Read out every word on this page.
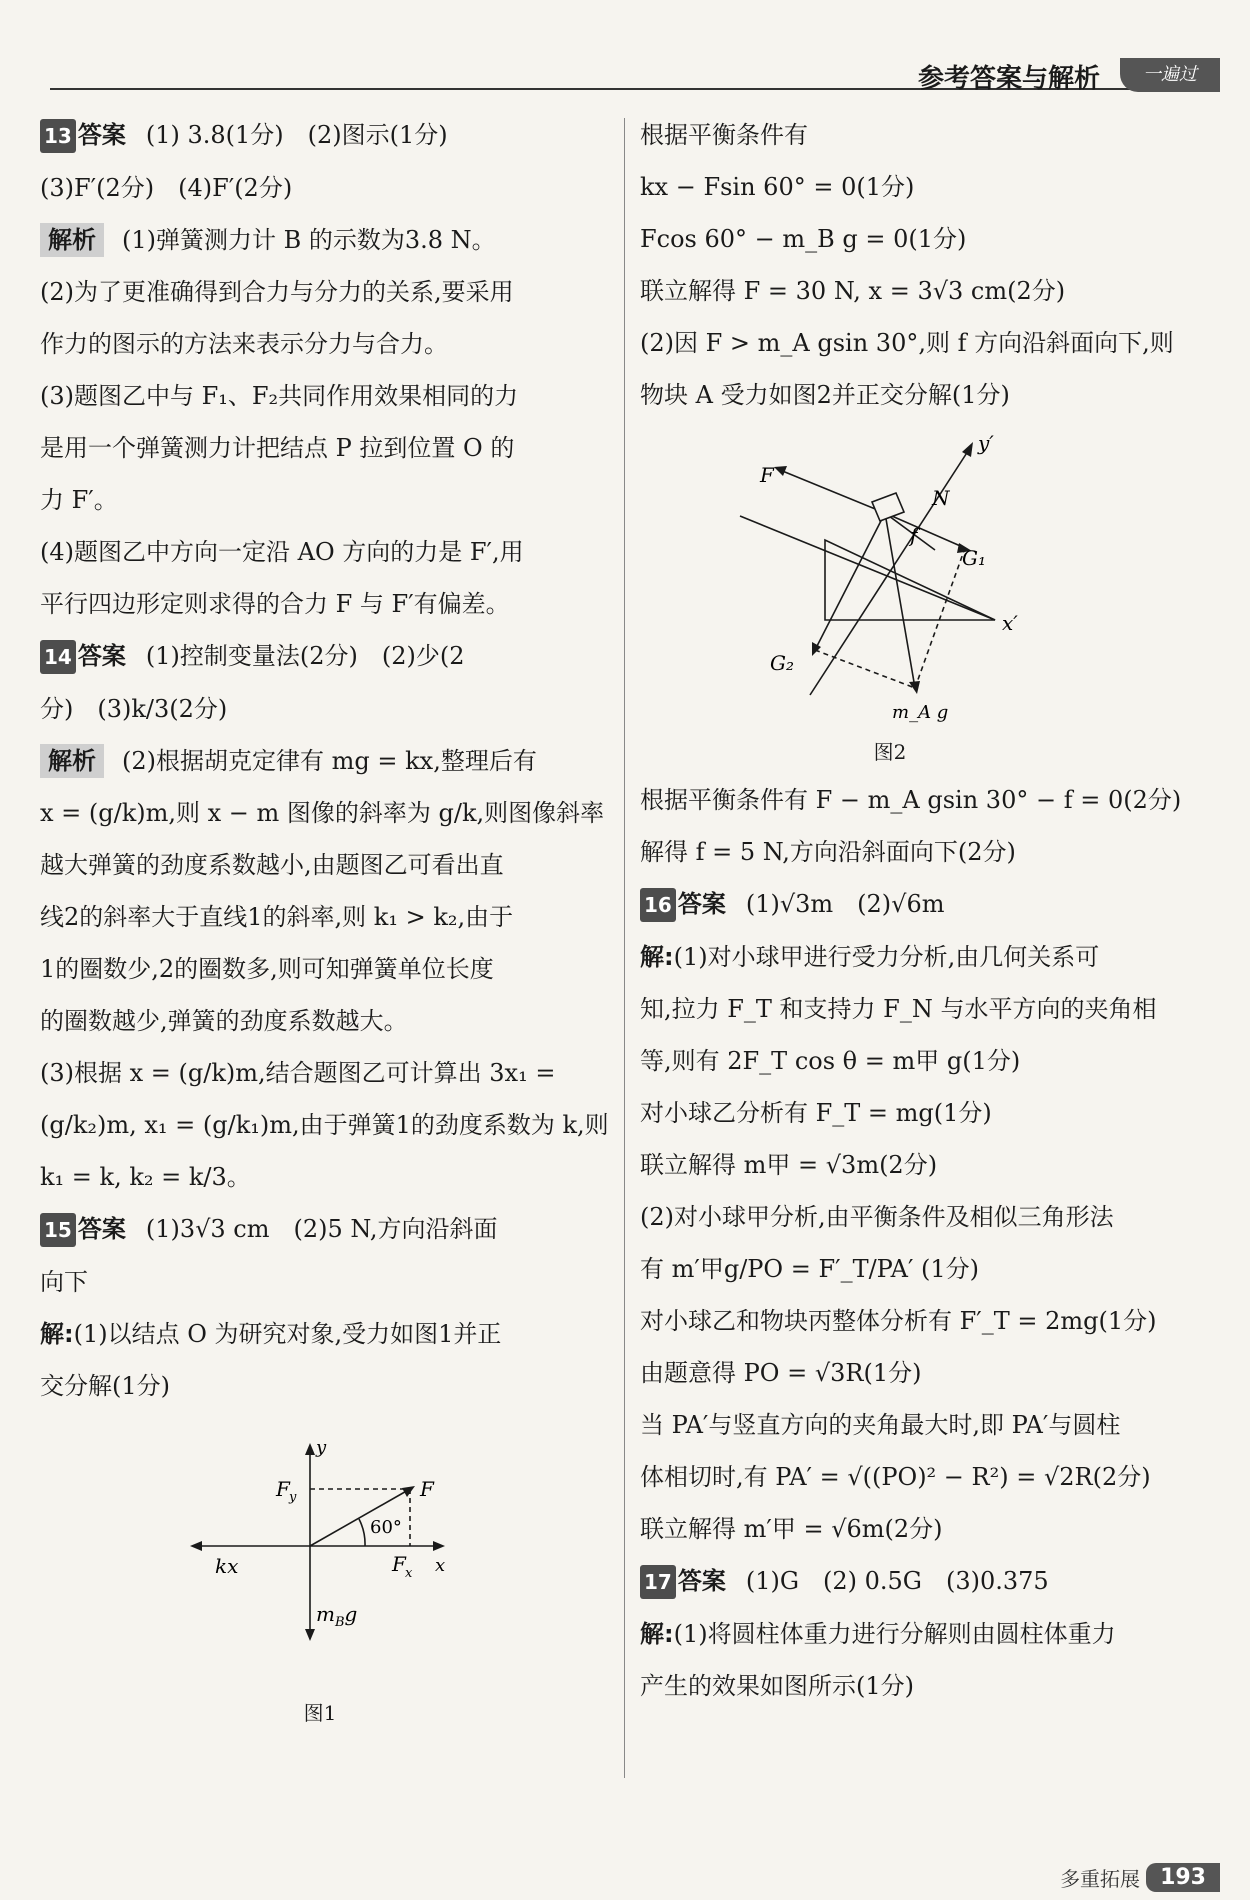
参考答案与解析	一遍过
13 答案 (1) 3.8(1分)　(2)图示(1分)
(3)F′(2分)　(4)F′(2分)
解析 (1)弹簧测力计 B 的示数为3.8 N。
(2)为了更准确得到合力与分力的关系,要采用
作力的图示的方法来表示分力与合力。
(3)题图乙中与 F₁、F₂共同作用效果相同的力
是用一个弹簧测力计把结点 P 拉到位置 O 的
力 F′。
(4)题图乙中方向一定沿 AO 方向的力是 F′,用
平行四边形定则求得的合力 F 与 F′有偏差。
14 答案 (1)控制变量法(2分)　(2)少(2
分)　(3)k/3(2分)
解析 (2)根据胡克定律有 mg = kx,整理后有
x = (g/k)m,则 x − m 图像的斜率为 g/k,则图像斜率
越大弹簧的劲度系数越小,由题图乙可看出直
线2的斜率大于直线1的斜率,则 k₁ > k₂,由于
1的圈数少,2的圈数多,则可知弹簧单位长度
的圈数越少,弹簧的劲度系数越大。
(3)根据 x = (g/k)m,结合题图乙可计算出 3x₁ =
(g/k₂)m, x₁ = (g/k₁)m,由于弹簧1的劲度系数为 k,则
k₁ = k, k₂ = k/3。
15 答案 (1)3√3 cm　(2)5 N,方向沿斜面
向下
解:(1)以结点 O 为研究对象,受力如图1并正
交分解(1分)
y
F y	F
60°
kx	F x x
$m_Bg$
图1
根据平衡条件有
kx − Fsin 60° = 0(1分)
Fcos 60° − m_B g = 0(1分)
联立解得 F = 30 N, x = 3√3 cm(2分)
(2)因 F > m_A gsin 30°,则 f 方向沿斜面向下,则
物块 A 受力如图2并正交分解(1分)
y′
N
F
f
G₁
x′
G₂
m_A g
图2
根据平衡条件有 F − m_A gsin 30° − f = 0(2分)
解得 f = 5 N,方向沿斜面向下(2分)
16 答案 (1)√3m　(2)√6m
解:(1)对小球甲进行受力分析,由几何关系可
知,拉力 F_T 和支持力 F_N 与水平方向的夹角相
等,则有 2F_T cos θ = m甲 g(1分)
对小球乙分析有 F_T = mg(1分)
联立解得 m甲 = √3m(2分)
(2)对小球甲分析,由平衡条件及相似三角形法
有 m′甲g/PO = F′_T/PA′ (1分)
对小球乙和物块丙整体分析有 F′_T = 2mg(1分)
由题意得 PO = √3R(1分)
当 PA′与竖直方向的夹角最大时,即 PA′与圆柱
体相切时,有 PA′ = √((PO)² − R²) = √2R(2分)
联立解得 m′甲 = √6m(2分)
17 答案 (1)G　(2) 0.5G　(3)0.375
解:(1)将圆柱体重力进行分解则由圆柱体重力
产生的效果如图所示(1分)
多重拓展 193
